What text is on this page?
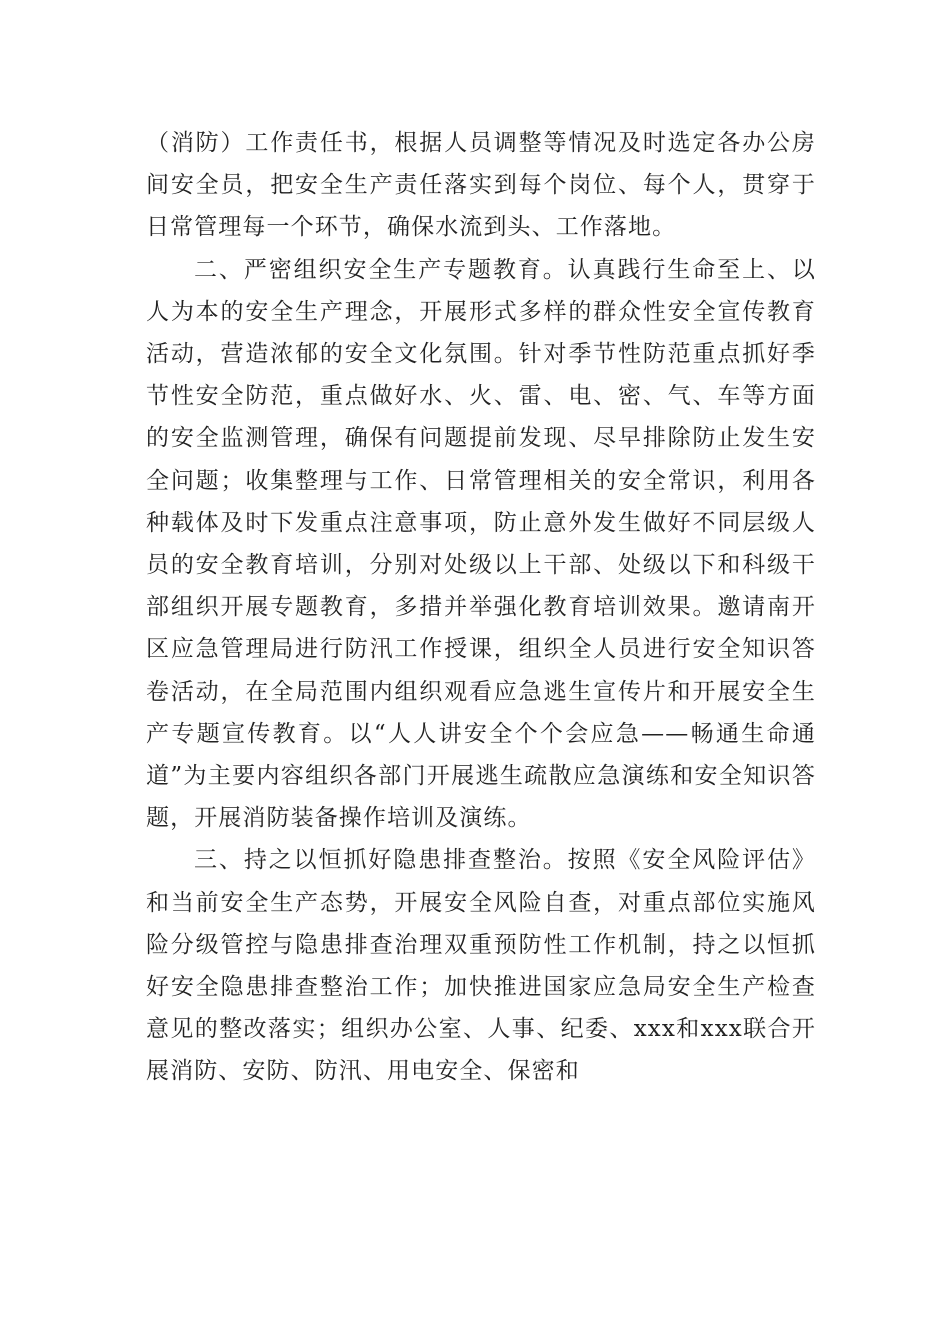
（消防）工作责任书，根据人员调整等情况及时选定各办公房间安全员，把安全生产责任落实到每个岗位、每个人，贯穿于日常管理每一个环节，确保水流到头、工作落地。

二、严密组织安全生产专题教育。认真践行生命至上、以人为本的安全生产理念，开展形式多样的群众性安全宣传教育活动，营造浓郁的安全文化氛围。针对季节性防范重点抓好季节性安全防范，重点做好水、火、雷、电、密、气、车等方面的安全监测管理，确保有问题提前发现、尽早排除防止发生安全问题；收集整理与工作、日常管理相关的安全常识，利用各种载体及时下发重点注意事项，防止意外发生做好不同层级人员的安全教育培训，分别对处级以上干部、处级以下和科级干部组织开展专题教育，多措并举强化教育培训效果。邀请南开区应急管理局进行防汛工作授课，组织全人员进行安全知识答卷活动，在全局范围内组织观看应急逃生宣传片和开展安全生产专题宣传教育。以“人人讲安全个个会应急——畅通生命通道”为主要内容组织各部门开展逃生疏散应急演练和安全知识答题，开展消防装备操作培训及演练。

三、持之以恒抓好隐患排查整治。按照《安全风险评估》和当前安全生产态势，开展安全风险自查，对重点部位实施风险分级管控与隐患排查治理双重预防性工作机制，持之以恒抓好安全隐患排查整治工作；加快推进国家应急局安全生产检查意见的整改落实；组织办公室、人事、纪委、xxx和xxx联合开展消防、安防、防汛、用电安全、保密和
